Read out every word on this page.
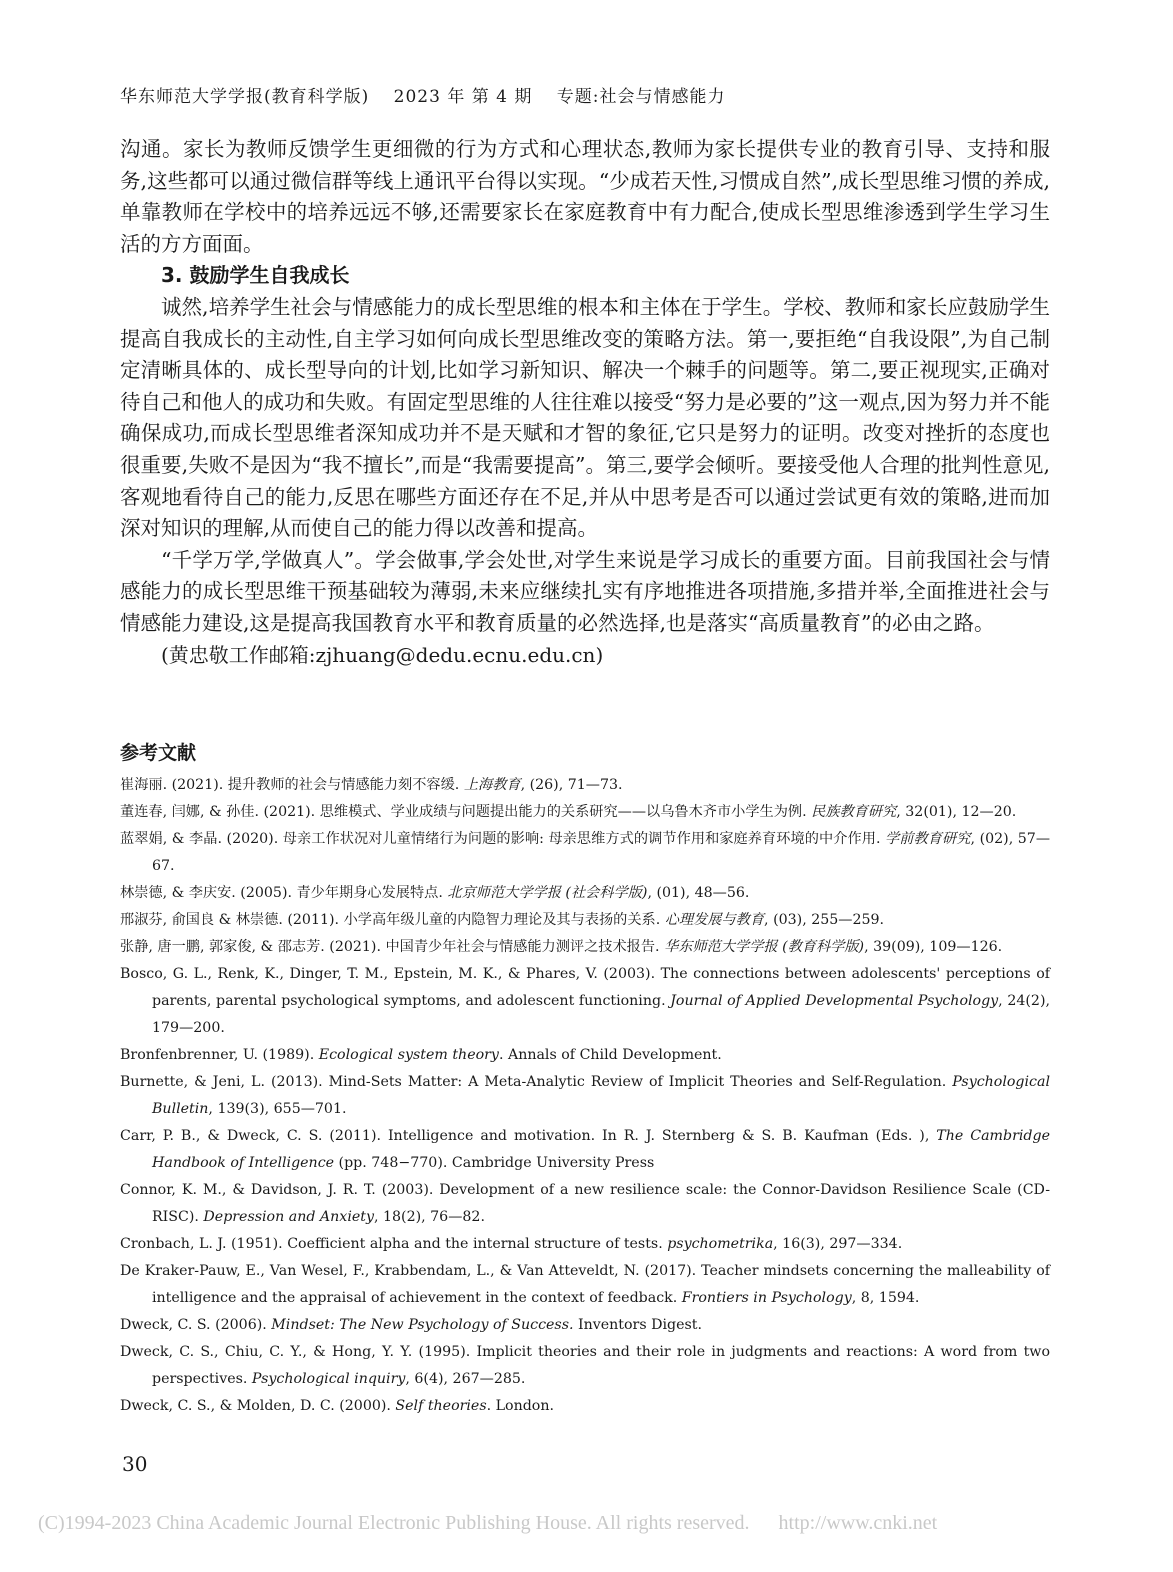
华东师范大学学报(教育科学版) 2023 年 第 4 期 专题:社会与情感能力

沟通。家长为教师反馈学生更细微的行为方式和心理状态,教师为家长提供专业的教育引导、支持和服务,这些都可以通过微信群等线上通讯平台得以实现。“少成若天性,习惯成自然”,成长型思维习惯的养成,单靠教师在学校中的培养远远不够,还需要家长在家庭教育中有力配合,使成长型思维渗透到学生学习生活的方方面面。

3. 鼓励学生自我成长

诚然,培养学生社会与情感能力的成长型思维的根本和主体在于学生。学校、教师和家长应鼓励学生提高自我成长的主动性,自主学习如何向成长型思维改变的策略方法。第一,要拒绝“自我设限”,为自己制定清晰具体的、成长型导向的计划,比如学习新知识、解决一个棘手的问题等。第二,要正视现实,正确对待自己和他人的成功和失败。有固定型思维的人往往难以接受“努力是必要的”这一观点,因为努力并不能确保成功,而成长型思维者深知成功并不是天赋和才智的象征,它只是努力的证明。改变对挫折的态度也很重要,失败不是因为“我不擅长”,而是“我需要提高”。第三,要学会倾听。要接受他人合理的批判性意见,客观地看待自己的能力,反思在哪些方面还存在不足,并从中思考是否可以通过尝试更有效的策略,进而加深对知识的理解,从而使自己的能力得以改善和提高。

“千学万学,学做真人”。学会做事,学会处世,对学生来说是学习成长的重要方面。目前我国社会与情感能力的成长型思维干预基础较为薄弱,未来应继续扎实有序地推进各项措施,多措并举,全面推进社会与情感能力建设,这是提高我国教育水平和教育质量的必然选择,也是落实“高质量教育”的必由之路。

(黄忠敬工作邮箱:zjhuang@dedu.ecnu.edu.cn)
参考文献
崔海丽. (2021). 提升教师的社会与情感能力刻不容缓. 上海教育, (26), 71—73.
董连春, 闫娜, & 孙佳. (2021). 思维模式、学业成绩与问题提出能力的关系研究——以乌鲁木齐市小学生为例. 民族教育研究, 32(01), 12—20.
蓝翠娟, & 李晶. (2020). 母亲工作状况对儿童情绪行为问题的影响: 母亲思维方式的调节作用和家庭养育环境的中介作用. 学前教育研究, (02), 57—67.
林崇德, & 李庆安. (2005). 青少年期身心发展特点. 北京师范大学学报 (社会科学版), (01), 48—56.
邢淑芬, 俞国良 & 林崇德. (2011). 小学高年级儿童的内隐智力理论及其与表扬的关系. 心理发展与教育, (03), 255—259.
张静, 唐一鹏, 郭家俊, & 邵志芳. (2021). 中国青少年社会与情感能力测评之技术报告. 华东师范大学学报 (教育科学版), 39(09), 109—126.
Bosco, G. L., Renk, K., Dinger, T. M., Epstein, M. K., & Phares, V. (2003). The connections between adolescents' perceptions of parents, parental psychological symptoms, and adolescent functioning. Journal of Applied Developmental Psychology, 24(2), 179—200.
Bronfenbrenner, U. (1989). Ecological system theory. Annals of Child Development.
Burnette, & Jeni, L. (2013). Mind-Sets Matter: A Meta-Analytic Review of Implicit Theories and Self-Regulation. Psychological Bulletin, 139(3), 655—701.
Carr, P. B., & Dweck, C. S. (2011). Intelligence and motivation. In R. J. Sternberg & S. B. Kaufman (Eds. ), The Cambridge Handbook of Intelligence (pp. 748−770). Cambridge University Press
Connor, K. M., & Davidson, J. R. T. (2003). Development of a new resilience scale: the Connor-Davidson Resilience Scale (CD-RISC). Depression and Anxiety, 18(2), 76—82.
Cronbach, L. J. (1951). Coefficient alpha and the internal structure of tests. psychometrika, 16(3), 297—334.
De Kraker-Pauw, E., Van Wesel, F., Krabbendam, L., & Van Atteveldt, N. (2017). Teacher mindsets concerning the malleability of intelligence and the appraisal of achievement in the context of feedback. Frontiers in Psychology, 8, 1594.
Dweck, C. S. (2006). Mindset: The New Psychology of Success. Inventors Digest.
Dweck, C. S., Chiu, C. Y., & Hong, Y. Y. (1995). Implicit theories and their role in judgments and reactions: A word from two perspectives. Psychological inquiry, 6(4), 267—285.
Dweck, C. S., & Molden, D. C. (2000). Self theories. London.
30
(C)1994-2023 China Academic Journal Electronic Publishing House. All rights reserved. http://www.cnki.net
